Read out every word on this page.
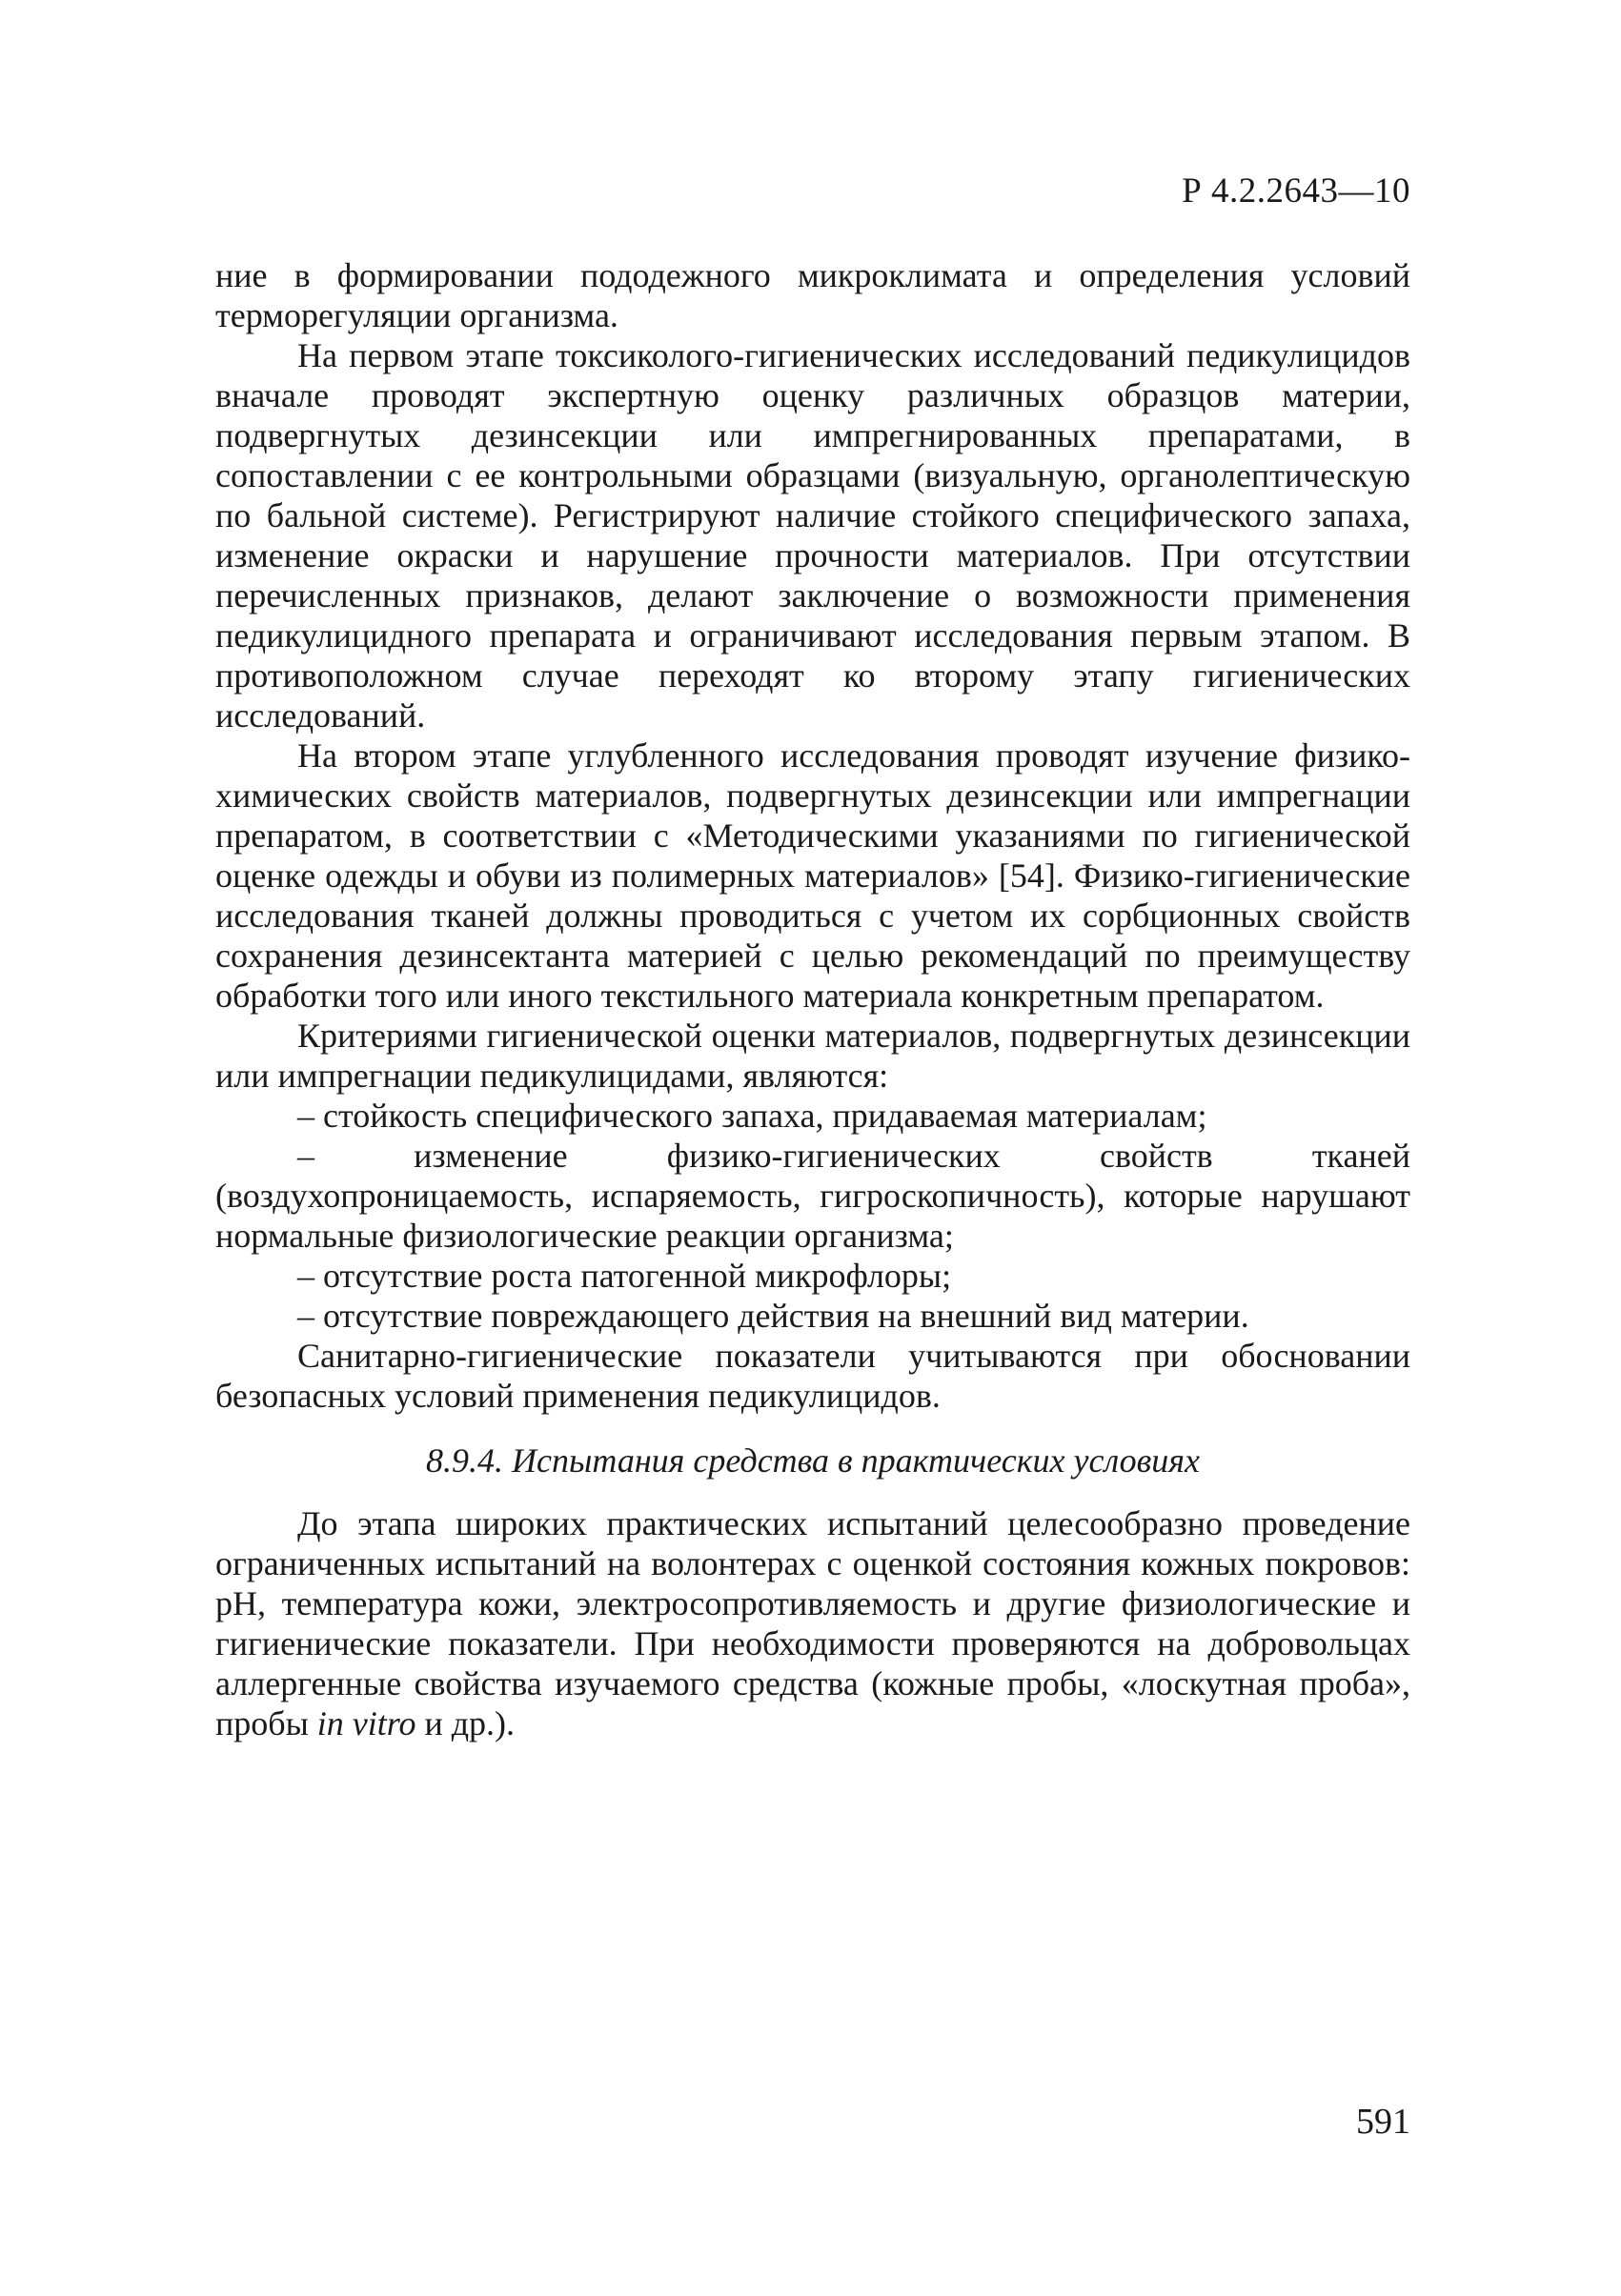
Р 4.2.2643—10

ние в формировании пододежного микроклимата и определения условий терморегуляции организма.

На первом этапе токсиколого-гигиенических исследований педикулицидов вначале проводят экспертную оценку различных образцов материи, подвергнутых дезинсекции или импрегнированных препаратами, в сопоставлении с ее контрольными образцами (визуальную, органолептическую по бальной системе). Регистрируют наличие стойкого специфического запаха, изменение окраски и нарушение прочности материалов. При отсутствии перечисленных признаков, делают заключение о возможности применения педикулицидного препарата и ограничивают исследования первым этапом. В противоположном случае переходят ко второму этапу гигиенических исследований.

На втором этапе углубленного исследования проводят изучение физико-химических свойств материалов, подвергнутых дезинсекции или импрегнации препаратом, в соответствии с «Методическими указаниями по гигиенической оценке одежды и обуви из полимерных материалов» [54]. Физико-гигиенические исследования тканей должны проводиться с учетом их сорбционных свойств сохранения дезинсектанта материей с целью рекомендаций по преимуществу обработки того или иного текстильного материала конкретным препаратом.

Критериями гигиенической оценки материалов, подвергнутых дезинсекции или импрегнации педикулицидами, являются:

– стойкость специфического запаха, придаваемая материалам;

– изменение физико-гигиенических свойств тканей (воздухопроницаемость, испаряемость, гигроскопичность), которые нарушают нормальные физиологические реакции организма;

– отсутствие роста патогенной микрофлоры;

– отсутствие повреждающего действия на внешний вид материи.

Санитарно-гигиенические показатели учитываются при обосновании безопасных условий применения педикулицидов.

8.9.4. Испытания средства в практических условиях

До этапа широких практических испытаний целесообразно проведение ограниченных испытаний на волонтерах с оценкой состояния кожных покровов: pH, температура кожи, электросопротивляемость и другие физиологические и гигиенические показатели. При необходимости проверяются на добровольцах аллергенные свойства изучаемого средства (кожные пробы, «лоскутная проба», пробы in vitro и др.).

591
